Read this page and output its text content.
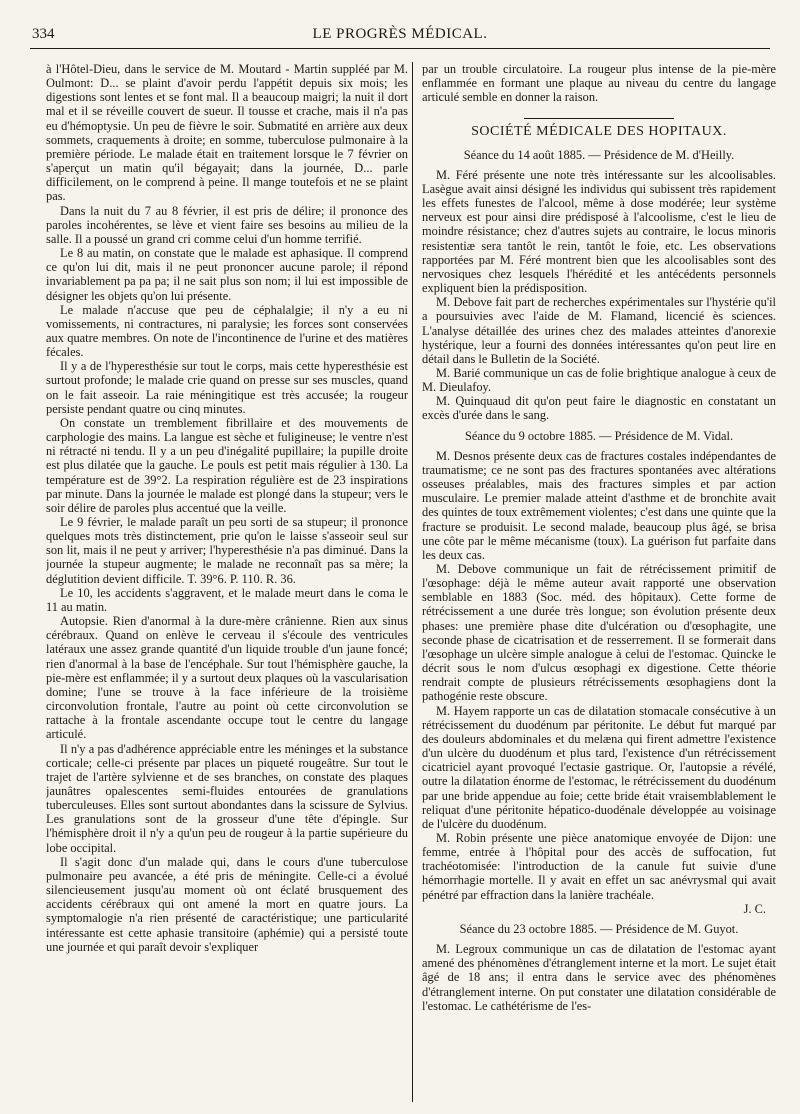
334	LE PROGRÈS MÉDICAL.

à l'Hôtel-Dieu, dans le service de M. Moutard - Martin suppléé par M. Oulmont: D... se plaint d'avoir perdu l'appétit depuis six mois; les digestions sont lentes et se font mal. Il a beaucoup maigri; la nuit il dort mal et il se réveille couvert de sueur. Il tousse et crache, mais il n'a pas eu d'hémoptysie. Un peu de fièvre le soir. Submatité en arrière aux deux sommets, craquements à droite; en somme, tuberculose pulmonaire à la première période. Le malade était en traitement lorsque le 7 février on s'aperçut un matin qu'il bégayait; dans la journée, D... parle difficilement, on le comprend à peine. Il mange toutefois et ne se plaint pas.

Dans la nuit du 7 au 8 février, il est pris de délire; il prononce des paroles incohérentes, se lève et vient faire ses besoins au milieu de la salle. Il a poussé un grand cri comme celui d'un homme terrifié.

Le 8 au matin, on constate que le malade est aphasique. Il comprend ce qu'on lui dit, mais il ne peut prononcer aucune parole; il répond invariablement pa pa pa; il ne sait plus son nom; il lui est impossible de désigner les objets qu'on lui présente.

Le malade n'accuse que peu de céphalalgie; il n'y a eu ni vomissements, ni contractures, ni paralysie; les forces sont conservées aux quatre membres. On note de l'incontinence de l'urine et des matières fécales.

Il y a de l'hyperesthésie sur tout le corps, mais cette hyperesthésie est surtout profonde; le malade crie quand on presse sur ses muscles, quand on le fait asseoir. La raie méningitique est très accusée; la rougeur persiste pendant quatre ou cinq minutes.

On constate un tremblement fibrillaire et des mouvements de carphologie des mains. La langue est sèche et fuligineuse; le ventre n'est ni rétracté ni tendu. Il y a un peu d'inégalité pupillaire; la pupille droite est plus dilatée que la gauche. Le pouls est petit mais régulier à 130. La température est de 39°2. La respiration régulière est de 23 inspirations par minute. Dans la journée le malade est plongé dans la stupeur; vers le soir délire de paroles plus accentué que la veille.

Le 9 février, le malade paraît un peu sorti de sa stupeur; il prononce quelques mots très distinctement, prie qu'on le laisse s'asseoir seul sur son lit, mais il ne peut y arriver; l'hyperesthésie n'a pas diminué. Dans la journée la stupeur augmente; le malade ne reconnaît pas sa mère; la déglutition devient difficile. T. 39°6. P. 110. R. 36.

Le 10, les accidents s'aggravent, et le malade meurt dans le coma le 11 au matin.

Autopsie. Rien d'anormal à la dure-mère crânienne. Rien aux sinus cérébraux. Quand on enlève le cerveau il s'écoule des ventricules latéraux une assez grande quantité d'un liquide trouble d'un jaune foncé; rien d'anormal à la base de l'encéphale. Sur tout l'hémisphère gauche, la pie-mère est enflammée; il y a surtout deux plaques où la vascularisation domine; l'une se trouve à la face inférieure de la troisième circonvolution frontale, l'autre au point où cette circonvolution se rattache à la frontale ascendante occupe tout le centre du langage articulé.

Il n'y a pas d'adhérence appréciable entre les méninges et la substance corticale; celle-ci présente par places un piqueté rougeâtre. Sur tout le trajet de l'artère sylvienne et de ses branches, on constate des plaques jaunâtres opalescentes semi-fluides entourées de granulations tuberculeuses. Elles sont surtout abondantes dans la scissure de Sylvius. Les granulations sont de la grosseur d'une tête d'épingle. Sur l'hémisphère droit il n'y a qu'un peu de rougeur à la partie supérieure du lobe occipital.

Il s'agit donc d'un malade qui, dans le cours d'une tuberculose pulmonaire peu avancée, a été pris de méningite. Celle-ci a évolué silencieusement jusqu'au moment où ont éclaté brusquement des accidents cérébraux qui ont amené la mort en quatre jours. La symptomalogie n'a rien présenté de caractéristique; une particularité intéressante est cette aphasie transitoire (aphémie) qui a persisté toute une journée et qui paraît devoir s'expliquer

par un trouble circulatoire. La rougeur plus intense de la pie-mère enflammée en formant une plaque au niveau du centre du langage articulé semble en donner la raison.

SOCIÉTÉ MÉDICALE DES HOPITAUX.

Séance du 14 août 1885. — Présidence de M. d'Heilly.

M. Féré présente une note très intéressante sur les alcoolisables. Lasègue avait ainsi désigné les individus qui subissent très rapidement les effets funestes de l'alcool, même à dose modérée; leur système nerveux est pour ainsi dire prédisposé à l'alcoolisme, c'est le lieu de moindre résistance; chez d'autres sujets au contraire, le locus minoris resistentiæ sera tantôt le rein, tantôt le foie, etc. Les observations rapportées par M. Féré montrent bien que les alcoolisables sont des nervosiques chez lesquels l'hérédité et les antécédents personnels expliquent bien la prédisposition.

M. Debove fait part de recherches expérimentales sur l'hystérie qu'il a poursuivies avec l'aide de M. Flamand, licencié ès sciences. L'analyse détaillée des urines chez des malades atteintes d'anorexie hystérique, leur a fourni des données intéressantes qu'on peut lire en détail dans le Bulletin de la Société.

M. Barié communique un cas de folie brightique analogue à ceux de M. Dieulafoy.

M. Quinquaud dit qu'on peut faire le diagnostic en constatant un excès d'urée dans le sang.

Séance du 9 octobre 1885. — Présidence de M. Vidal.

M. Desnos présente deux cas de fractures costales indépendantes de traumatisme; ce ne sont pas des fractures spontanées avec altérations osseuses préalables, mais des fractures simples et par action musculaire. Le premier malade atteint d'asthme et de bronchite avait des quintes de toux extrêmement violentes; c'est dans une quinte que la fracture se produisit. Le second malade, beaucoup plus âgé, se brisa une côte par le même mécanisme (toux). La guérison fut parfaite dans les deux cas.

M. Debove communique un fait de rétrécissement primitif de l'œsophage: déjà le même auteur avait rapporté une observation semblable en 1883 (Soc. méd. des hôpitaux). Cette forme de rétrécissement a une durée très longue; son évolution présente deux phases: une première phase dite d'ulcération ou d'œsophagite, une seconde phase de cicatrisation et de resserrement. Il se formerait dans l'œsophage un ulcère simple analogue à celui de l'estomac. Quincke le décrit sous le nom d'ulcus œsophagi ex digestione. Cette théorie rendrait compte de plusieurs rétrécissements œsophagiens dont la pathogénie reste obscure.

M. Hayem rapporte un cas de dilatation stomacale consécutive à un rétrécissement du duodénum par péritonite. Le début fut marqué par des douleurs abdominales et du melæna qui firent admettre l'existence d'un ulcère du duodénum et plus tard, l'existence d'un rétrécissement cicatriciel ayant provoqué l'ectasie gastrique. Or, l'autopsie a révélé, outre la dilatation énorme de l'estomac, le rétrécissement du duodénum par une bride appendue au foie; cette bride était vraisemblablement le reliquat d'une péritonite hépatico-duodénale développée au voisinage de l'ulcère du duodénum.

M. Robin présente une pièce anatomique envoyée de Dijon: une femme, entrée à l'hôpital pour des accès de suffocation, fut trachéotomisée: l'introduction de la canule fut suivie d'une hémorrhagie mortelle. Il y avait en effet un sac anévrysmal qui avait pénétré par effraction dans la lanière trachéale.

J. C.

Séance du 23 octobre 1885. — Présidence de M. Guyot.

M. Legroux communique un cas de dilatation de l'estomac ayant amené des phénomènes d'étranglement interne et la mort. Le sujet était âgé de 18 ans; il entra dans le service avec des phénomènes d'étranglement interne. On put constater une dilatation considérable de l'estomac. Le cathétérisme de l'es-
